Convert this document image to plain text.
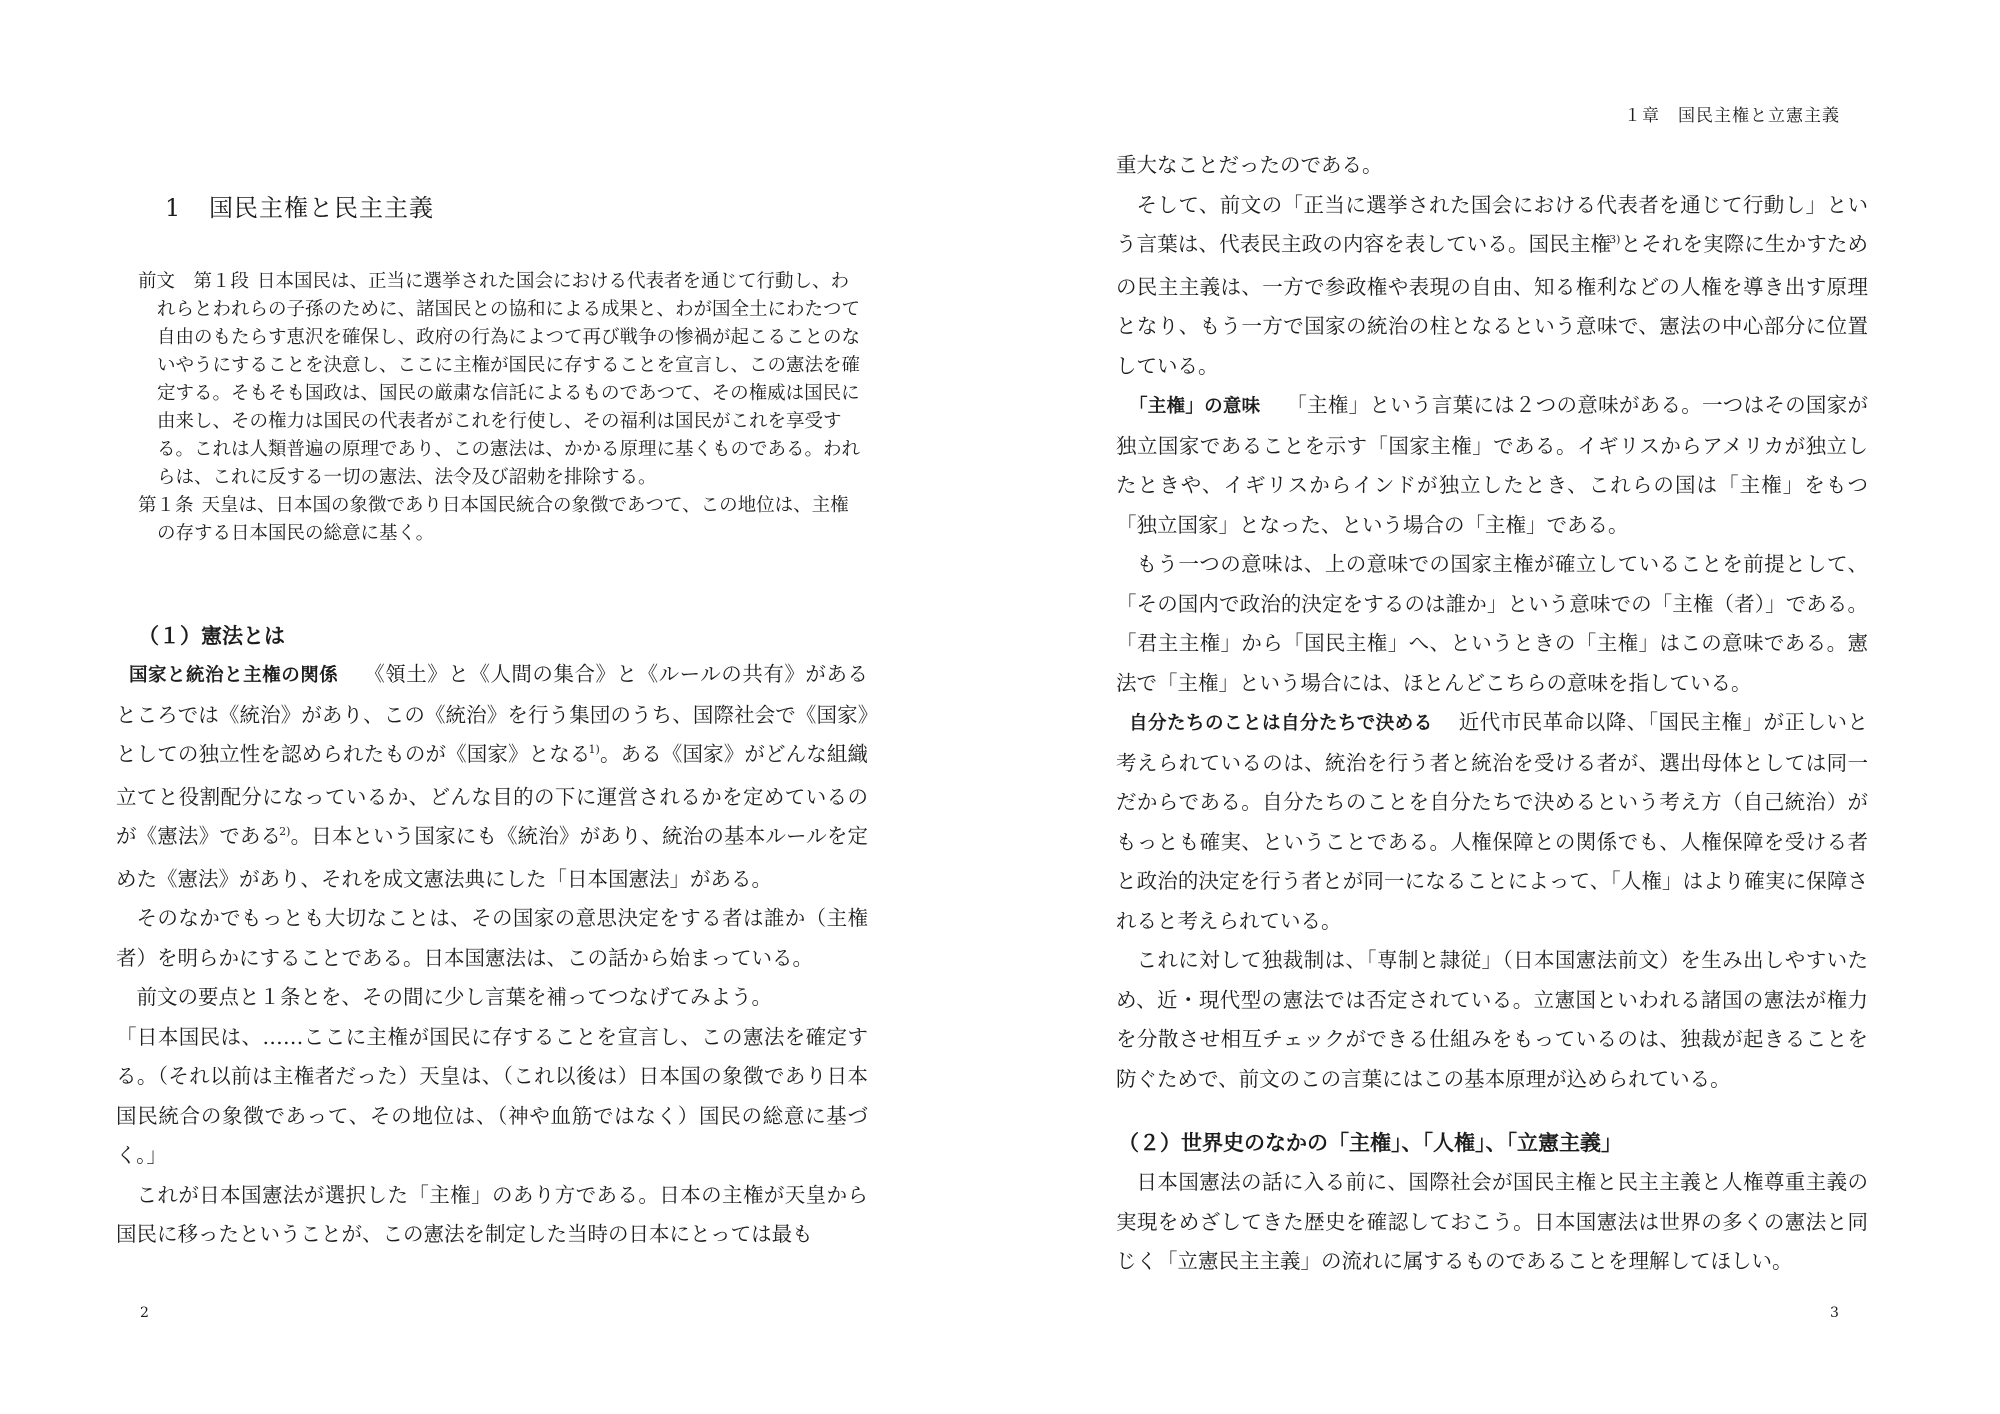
1 国民主権と民主主義

前文　第１段 日本国民は、正当に選挙された国会における代表者を通じて行動し、われらとわれらの子孫のために、諸国民との協和による成果と、わが国全土にわたつて自由のもたらす恵沢を確保し、政府の行為によつて再び戦争の惨禍が起こることのないやうにすることを決意し、ここに主権が国民に存することを宣言し、この憲法を確定する。そもそも国政は、国民の厳粛な信託によるものであつて、その権威は国民に由来し、その権力は国民の代表者がこれを行使し、その福利は国民がこれを享受する。これは人類普遍の原理であり、この憲法は、かかる原理に基くものである。われらは、これに反する一切の憲法、法令及び詔勅を排除する。

第１条 天皇は、日本国の象徴であり日本国民統合の象徴であつて、この地位は、主権の存する日本国民の総意に基く。

（１）憲法とは

国家と統治と主権の関係 《領土》と《人間の集合》と《ルールの共有》があるところでは《統治》があり、この《統治》を行う集団のうち、国際社会で《国家》としての独立性を認められたものが《国家》となる$^{1)}$。ある《国家》がどんな組織立てと役割配分になっているか、どんな目的の下に運営されるかを定めているのが《憲法》である$^{2)}$。日本という国家にも《統治》があり、統治の基本ルールを定めた《憲法》があり、それを成文憲法典にした「日本国憲法」がある。

そのなかでもっとも大切なことは、その国家の意思決定をする者は誰か（主権者）を明らかにすることである。日本国憲法は、この話から始まっている。

前文の要点と１条とを、その間に少し言葉を補ってつなげてみよう。

「日本国民は、……ここに主権が国民に存することを宣言し、この憲法を確定する。（それ以前は主権者だった）天皇は、（これ以後は）日本国の象徴であり日本国民統合の象徴であって、その地位は、（神や血筋ではなく）国民の総意に基づく。」

これが日本国憲法が選択した「主権」のあり方である。日本の主権が天皇から国民に移ったということが、この憲法を制定した当時の日本にとっては最も

2
１章　国民主権と立憲主義

重大なことだったのである。

そして、前文の「正当に選挙された国会における代表者を通じて行動し」という言葉は、代表民主政の内容を表している。国民主権$^{3)}$とそれを実際に生かすための民主主義は、一方で参政権や表現の自由、知る権利などの人権を導き出す原理となり、もう一方で国家の統治の柱となるという意味で、憲法の中心部分に位置している。

「主権」の意味 「主権」という言葉には２つの意味がある。一つはその国家が独立国家であることを示す「国家主権」である。イギリスからアメリカが独立したときや、イギリスからインドが独立したとき、これらの国は「主権」をもつ「独立国家」となった、という場合の「主権」である。

もう一つの意味は、上の意味での国家主権が確立していることを前提として、「その国内で政治的決定をするのは誰か」という意味での「主権（者）」である。「君主主権」から「国民主権」へ、というときの「主権」はこの意味である。憲法で「主権」という場合には、ほとんどこちらの意味を指している。

自分たちのことは自分たちで決める 近代市民革命以降、「国民主権」が正しいと考えられているのは、統治を行う者と統治を受ける者が、選出母体としては同一だからである。自分たちのことを自分たちで決めるという考え方（自己統治）がもっとも確実、ということである。人権保障との関係でも、人権保障を受ける者と政治的決定を行う者とが同一になることによって、「人権」はより確実に保障されると考えられている。

これに対して独裁制は、「専制と隷従」（日本国憲法前文）を生み出しやすいため、近・現代型の憲法では否定されている。立憲国といわれる諸国の憲法が権力を分散させ相互チェックができる仕組みをもっているのは、独裁が起きることを防ぐためで、前文のこの言葉にはこの基本原理が込められている。

（２）世界史のなかの「主権」、「人権」、「立憲主義」

日本国憲法の話に入る前に、国際社会が国民主権と民主主義と人権尊重主義の実現をめざしてきた歴史を確認しておこう。日本国憲法は世界の多くの憲法と同じく「立憲民主主義」の流れに属するものであることを理解してほしい。

3
